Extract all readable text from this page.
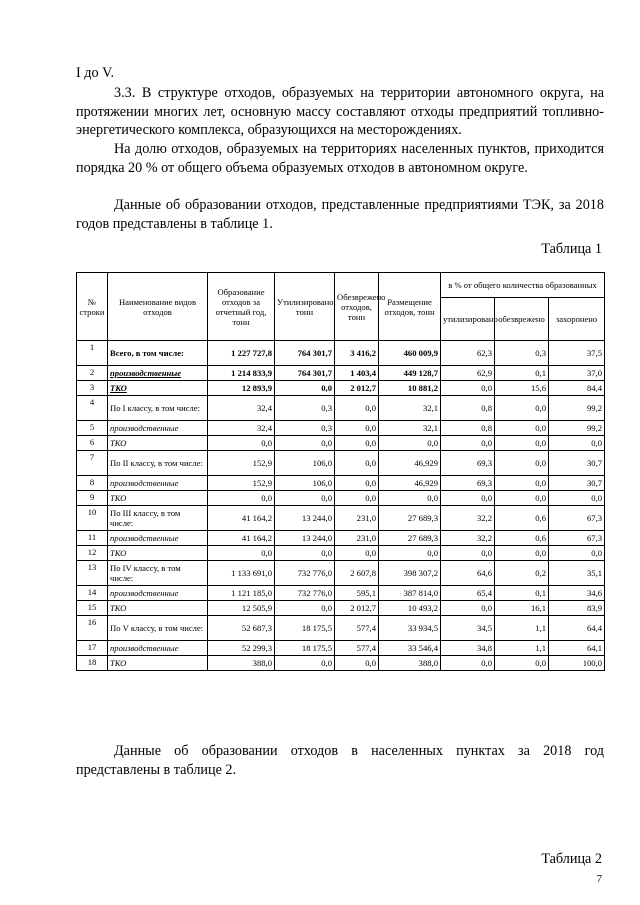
I до V.

3.3. В структуре отходов, образуемых на территории автономного округа, на протяжении многих лет, основную массу составляют отходы предприятий топливно-энергетического комплекса, образующихся на месторождениях.

На долю отходов, образуемых на территориях населенных пунктов, приходится порядка 20 % от общего объема образуемых отходов в автономном округе.

Данные об образовании отходов, представленные предприятиями ТЭК, за 2018 годов представлены в таблице 1.

Таблица 1

№ строки	Наименование видов отходов	Образование отходов за отчетный год, тонн	Утилизировано, тонн	Обезвреженo отходов, тонн	Размещение отходов, тонн	в % от общего количества образованных		
						утилизировано	обезвреженo	захоронено
1	Всего, в том числе:	1 227 727,8	764 301,7	3 416,2	460 009,9	62,3	0,3	37,5
2	производственные	1 214 833,9	764 301,7	1 403,4	449 128,7	62,9	0,1	37,0
3	ТКО	12 893,9	0,0	2 012,7	10 881,2	0,0	15,6	84,4
4	По I классу, в том числе:	32,4	0,3	0,0	32,1	0,8	0,0	99,2
5	производственные	32,4	0,3	0,0	32,1	0,8	0,0	99,2
6	ТКО	0,0	0,0	0,0	0,0	0,0	0,0	0,0
7	По II классу, в том числе:	152,9	106,0	0,0	46,929	69,3	0,0	30,7
8	производственные	152,9	106,0	0,0	46,929	69,3	0,0	30,7
9	ТКО	0,0	0,0	0,0	0,0	0,0	0,0	0,0
10	По III классу, в том числе:	41 164,2	13 244,0	231,0	27 689,3	32,2	0,6	67,3
11	производственные	41 164,2	13 244,0	231,0	27 689,3	32,2	0,6	67,3
12	ТКО	0,0	0,0	0,0	0,0	0,0	0,0	0,0
13	По IV классу, в том числе:	1 133 691,0	732 776,0	2 607,8	398 307,2	64,6	0,2	35,1
14	производственные	1 121 185,0	732 776,0	595,1	387 814,0	65,4	0,1	34,6
15	ТКО	12 505,9	0,0	2 012,7	10 493,2	0,0	16,1	83,9
16	По V классу, в том числе:	52 687,3	18 175,5	577,4	33 934,5	34,5	1,1	64,4
17	производственные	52 299,3	18 175,5	577,4	33 546,4	34,8	1,1	64,1
18	ТКО	388,0	0,0	0,0	388,0	0,0	0,0	100,0

Данные об образовании отходов в населенных пунктах за 2018 год представлены в таблице 2.

Таблица 2

7
